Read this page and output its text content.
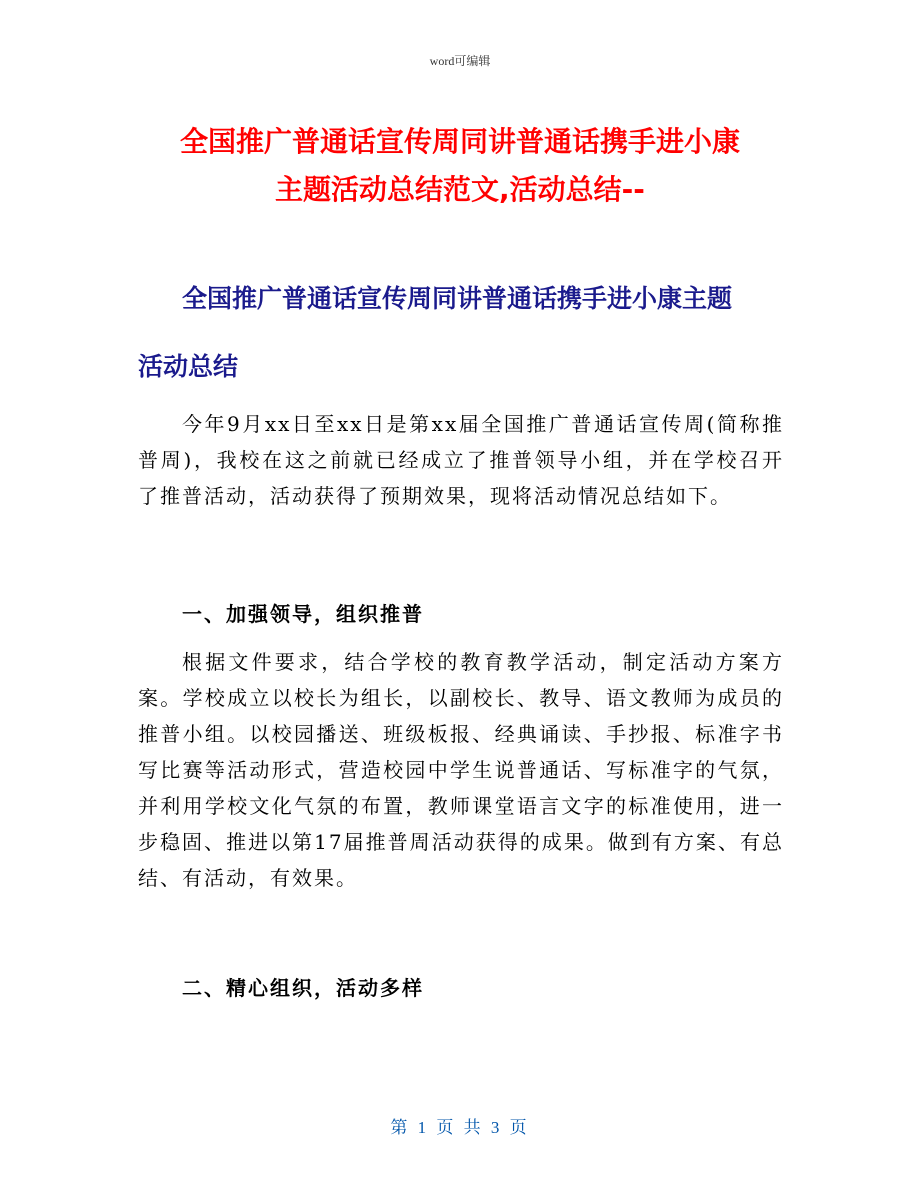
word可编辑
全国推广普通话宣传周同讲普通话携手进小康
主题活动总结范文,活动总结--
全国推广普通话宣传周同讲普通话携手进小康主题
活动总结

今年9月xx日至xx日是第xx届全国推广普通话宣传周(简称推普周)，我校在这之前就已经成立了推普领导小组，并在学校召开了推普活动，活动获得了预期效果，现将活动情况总结如下。

一、加强领导，组织推普

根据文件要求，结合学校的教育教学活动，制定活动方案方案。学校成立以校长为组长，以副校长、教导、语文教师为成员的推普小组。以校园播送、班级板报、经典诵读、手抄报、标准字书写比赛等活动形式，营造校园中学生说普通话、写标准字的气氛，并利用学校文化气氛的布置，教师课堂语言文字的标准使用，进一步稳固、推进以第17届推普周活动获得的成果。做到有方案、有总结、有活动，有效果。

二、精心组织，活动多样
第 1 页 共 3 页
